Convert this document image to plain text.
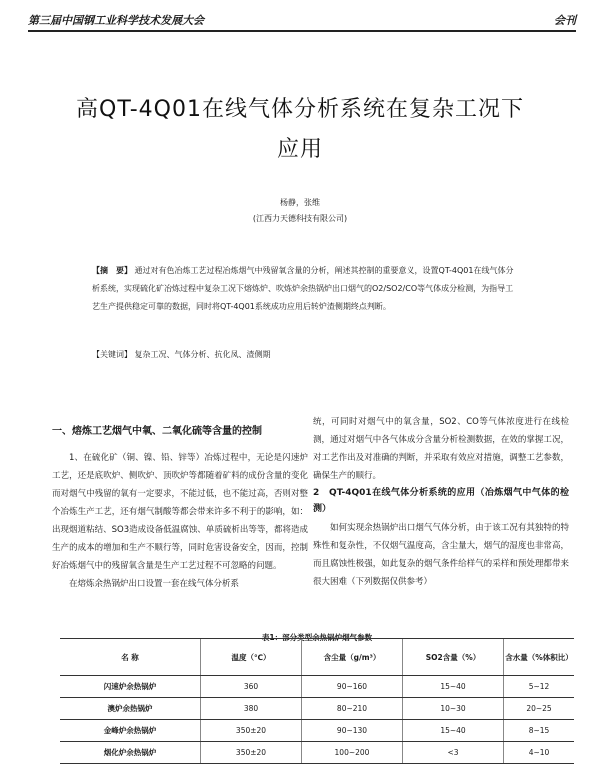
第三届中国钢工业科学技术发展大会	会刊
高QT-4Q01在线气体分析系统在复杂工况下
应用
杨静，张维
(江西力天德科技有限公司)
【摘　要】 通过对有色冶炼工艺过程冶炼烟气中残留氧含量的分析，阐述其控制的重要意义，设置QT-4Q01在线气体分析系统，实现硫化矿冶炼过程中复杂工况下熔炼炉、吹炼炉余热锅炉出口烟气的O2/SO2/CO等气体成分检测，为指导工艺生产提供稳定可靠的数据，同时将QT-4Q01系统成功应用后转炉渣侧期终点判断。
【关键词】 复杂工况、气体分析、抗化凤、渣侧期

一、熔炼工艺烟气中氧、二氧化硫等含量的控制

1、在硫化矿（铜、镍、铅、锌等）冶炼过程中，无论是闪速炉工艺，还是底吹炉、侧吹炉、顶吹炉等都随着矿料的成份含量的变化而对烟气中残留的氧有一定要求，不能过低，也不能过高，否则对整个冶炼生产工艺，还有烟气制酸等都会带来许多不利于的影响，如：出现烟道粘结、SO3造成设备低温腐蚀、单质硫析出等等，都将造成生产的成本的增加和生产不顺行等，同时危害设备安全，因而，控制好冶炼烟气中的残留氧含量是生产工艺过程不可忽略的问题。

在熔炼余热锅炉出口设置一套在线气体分析系

统，可同时对烟气中的氧含量，SO2、CO等气体浓度进行在线检测，通过对烟气中各气体成分含量分析检测数据，在效的掌握工况，对工艺作出及对准确的判断，并采取有效应对措施，调整工艺参数，确保生产的顺行。

2　QT-4Q01在线气体分析系统的应用（冶炼烟气中气体的检测）

如何实现余热锅炉出口烟气气体分析，由于该工况有其独特的特殊性和复杂性，不仅烟气温度高，含尘量大，烟气的湿度也非常高，而且腐蚀性极强，如此复杂的烟气条件给样气的采样和预处理都带来很大困难（下列数据仅供参考）

表1：部分类型余热锅炉烟气参数
名 称	温度（℃）	含尘量（g/m³）	SO2含量（%）	含水量（%体积比）
闪速炉余热锅炉	360	90~160	15~40	5~12
澳炉余热锅炉	380	80~210	10~30	20~25
金峰炉余热锅炉	350±20	90~130	15~40	8~15
烟化炉余热锅炉	350±20	100~200	<3	4~10
